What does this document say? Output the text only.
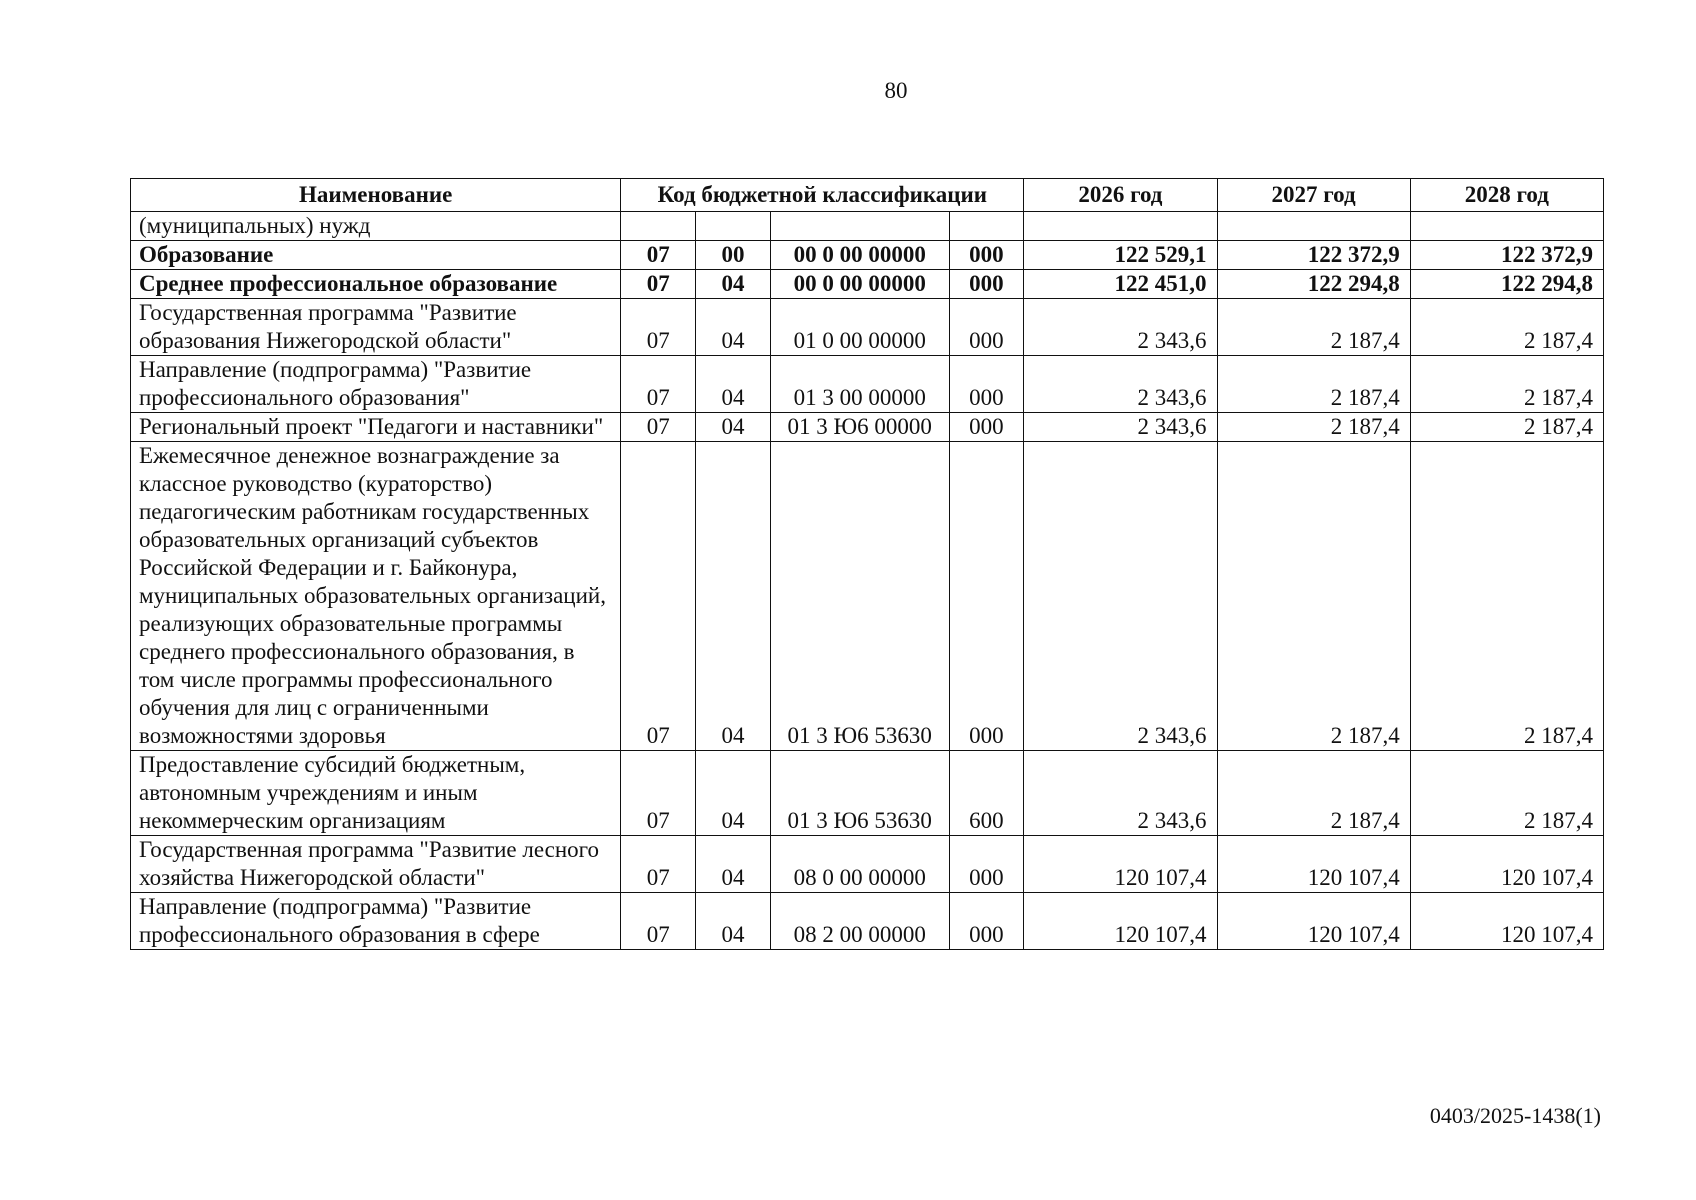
80
Наименование	Код бюджетной классификации				2026 год	2027 год	2028 год
(муниципальных) нужд							
Образование	07	00	00 0 00 00000	000	122 529,1	122 372,9	122 372,9
Среднее профессиональное образование	07	04	00 0 00 00000	000	122 451,0	122 294,8	122 294,8
Государственная программа "Развитие образования Нижегородской области"	07	04	01 0 00 00000	000	2 343,6	2 187,4	2 187,4
Направление (подпрограмма) "Развитие профессионального образования"	07	04	01 3 00 00000	000	2 343,6	2 187,4	2 187,4
Региональный проект "Педагоги и наставники"	07	04	01 3 Ю6 00000	000	2 343,6	2 187,4	2 187,4
Ежемесячное денежное вознаграждение за классное руководство (кураторство) педагогическим работникам государственных образовательных организаций субъектов Российской Федерации и г. Байконура, муниципальных образовательных организаций, реализующих образовательные программы среднего профессионального образования, в том числе программы профессионального обучения для лиц с ограниченными возможностями здоровья	07	04	01 3 Ю6 53630	000	2 343,6	2 187,4	2 187,4
Предоставление субсидий бюджетным, автономным учреждениям и иным некоммерческим организациям	07	04	01 3 Ю6 53630	600	2 343,6	2 187,4	2 187,4
Государственная программа "Развитие лесного хозяйства Нижегородской области"	07	04	08 0 00 00000	000	120 107,4	120 107,4	120 107,4
Направление (подпрограмма) "Развитие профессионального образования в сфере	07	04	08 2 00 00000	000	120 107,4	120 107,4	120 107,4
0403/2025-1438(1)
